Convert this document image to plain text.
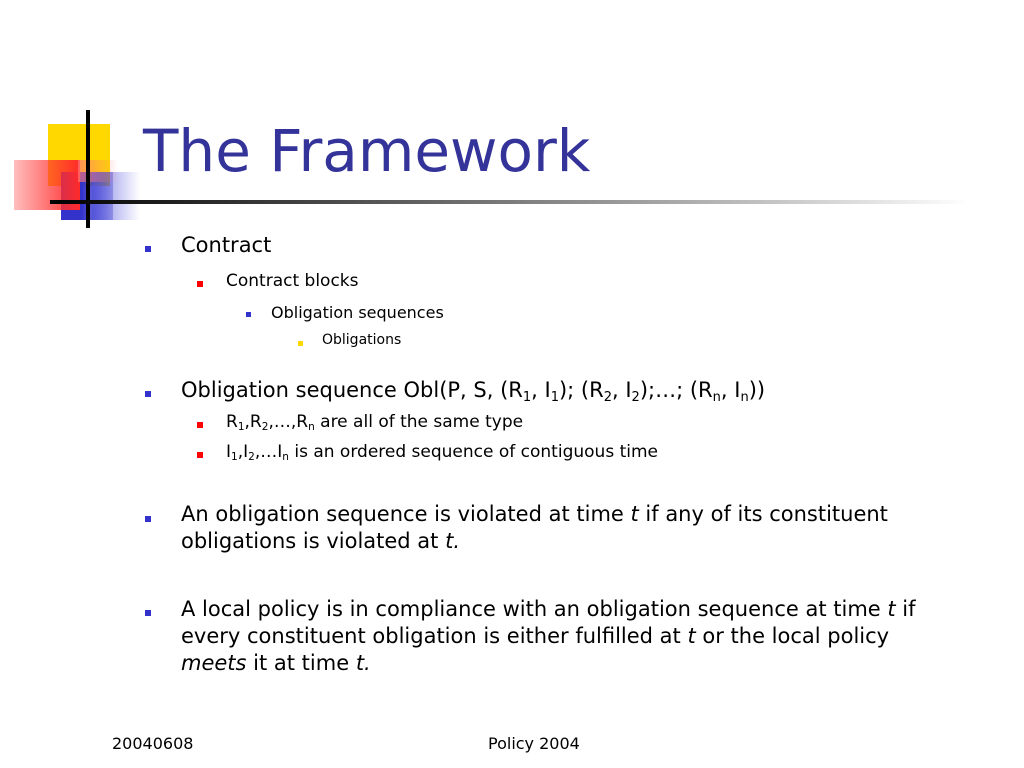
The Framework
Contract
Contract blocks
Obligation sequences
Obligations
Obligation sequence Obl(P, S, ($R_1$, $I_1$); ($R_2$, $I_2);\dots$; ($R_n$, $I_n$))
$R_1,R_2,\dots,R_n$ are all of the same type
$I_1,I_2,\dots I_n$ is an ordered sequence of contiguous time
An obligation sequence is violated at time t if any of its constituent
obligations is violated at t.
A local policy is in compliance with an obligation sequence at time t if
every constituent obligation is either fulfilled at t or the local policy
meets it at time t.
20040608	Policy 2004
